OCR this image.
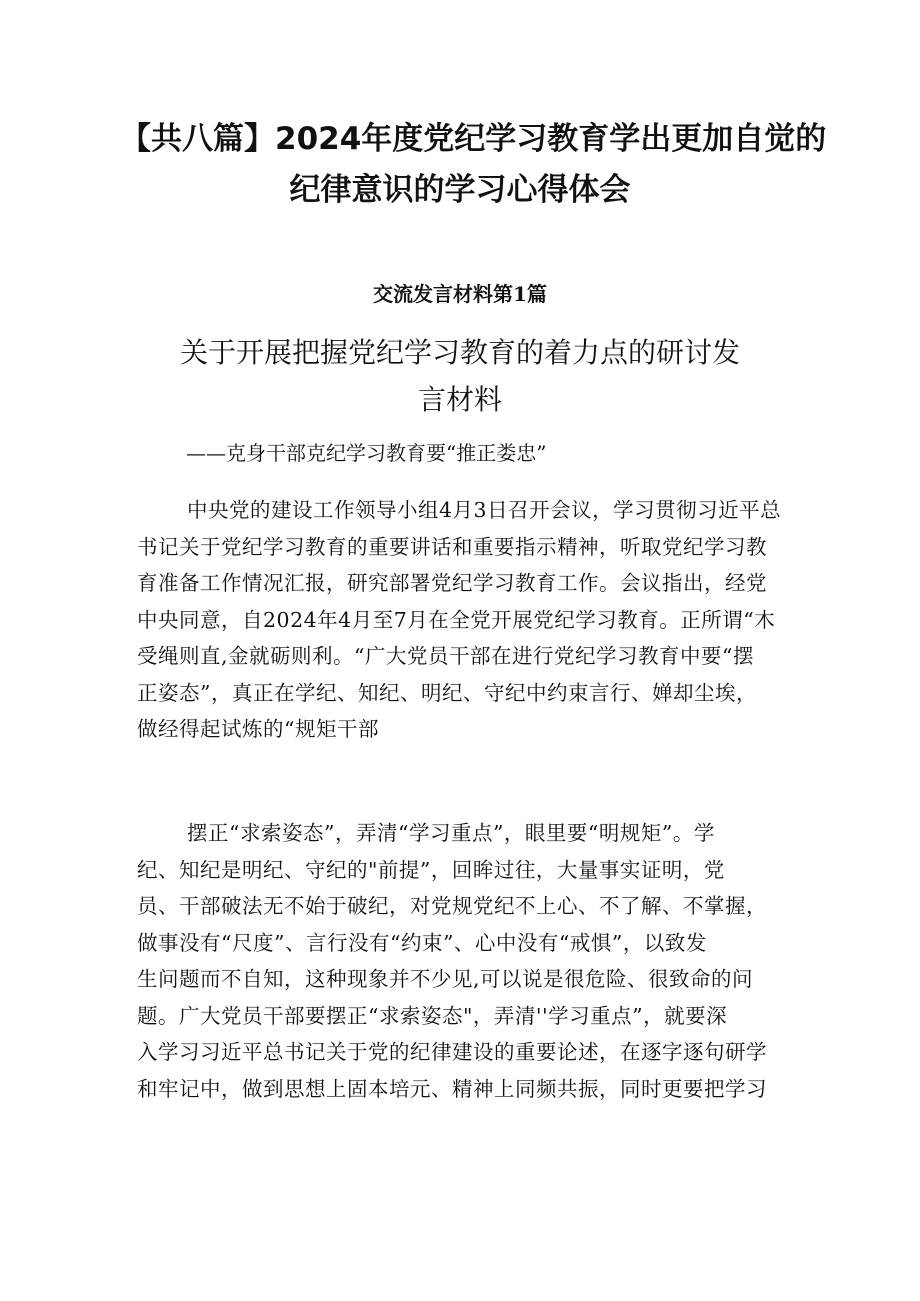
【共八篇】2024年度党纪学习教育学出更加自觉的
纪律意识的学习心得体会
交流发言材料第1篇
关于开展把握党纪学习教育的着力点的研讨发
言材料
——克身干部克纪学习教育要“推正娄忠”
中央党的建设工作领导小组4月3日召开会议，学习贯彻习近平总
书记关于党纪学习教育的重要讲话和重要指示精神，听取党纪学习教
育准备工作情况汇报，研究部署党纪学习教育工作。会议指出，经党
中央同意，自2024年4月至7月在全党开展党纪学习教育。正所谓“木
受绳则直,金就砺则利。“广大党员干部在进行党纪学习教育中要“摆
正姿态”，真正在学纪、知纪、明纪、守纪中约束言行、婵却尘埃，
做经得起试炼的“规矩干部
摆正“求索姿态”，弄清“学习重点”，眼里要“明规矩”。学
纪、知纪是明纪、守纪的"前提”，回眸过往，大量事实证明，党
员、干部破法无不始于破纪，对党规党纪不上心、不了解、不掌握，
做事没有“尺度”、言行没有“约束”、心中没有“戒惧”，以致发
生问题而不自知，这种现象并不少见,可以说是很危险、很致命的问
题。广大党员干部要摆正“求索姿态"，弄清''学习重点”，就要深
入学习习近平总书记关于党的纪律建设的重要论述，在逐字逐句研学
和牢记中，做到思想上固本培元、精神上同频共振，同时更要把学习
